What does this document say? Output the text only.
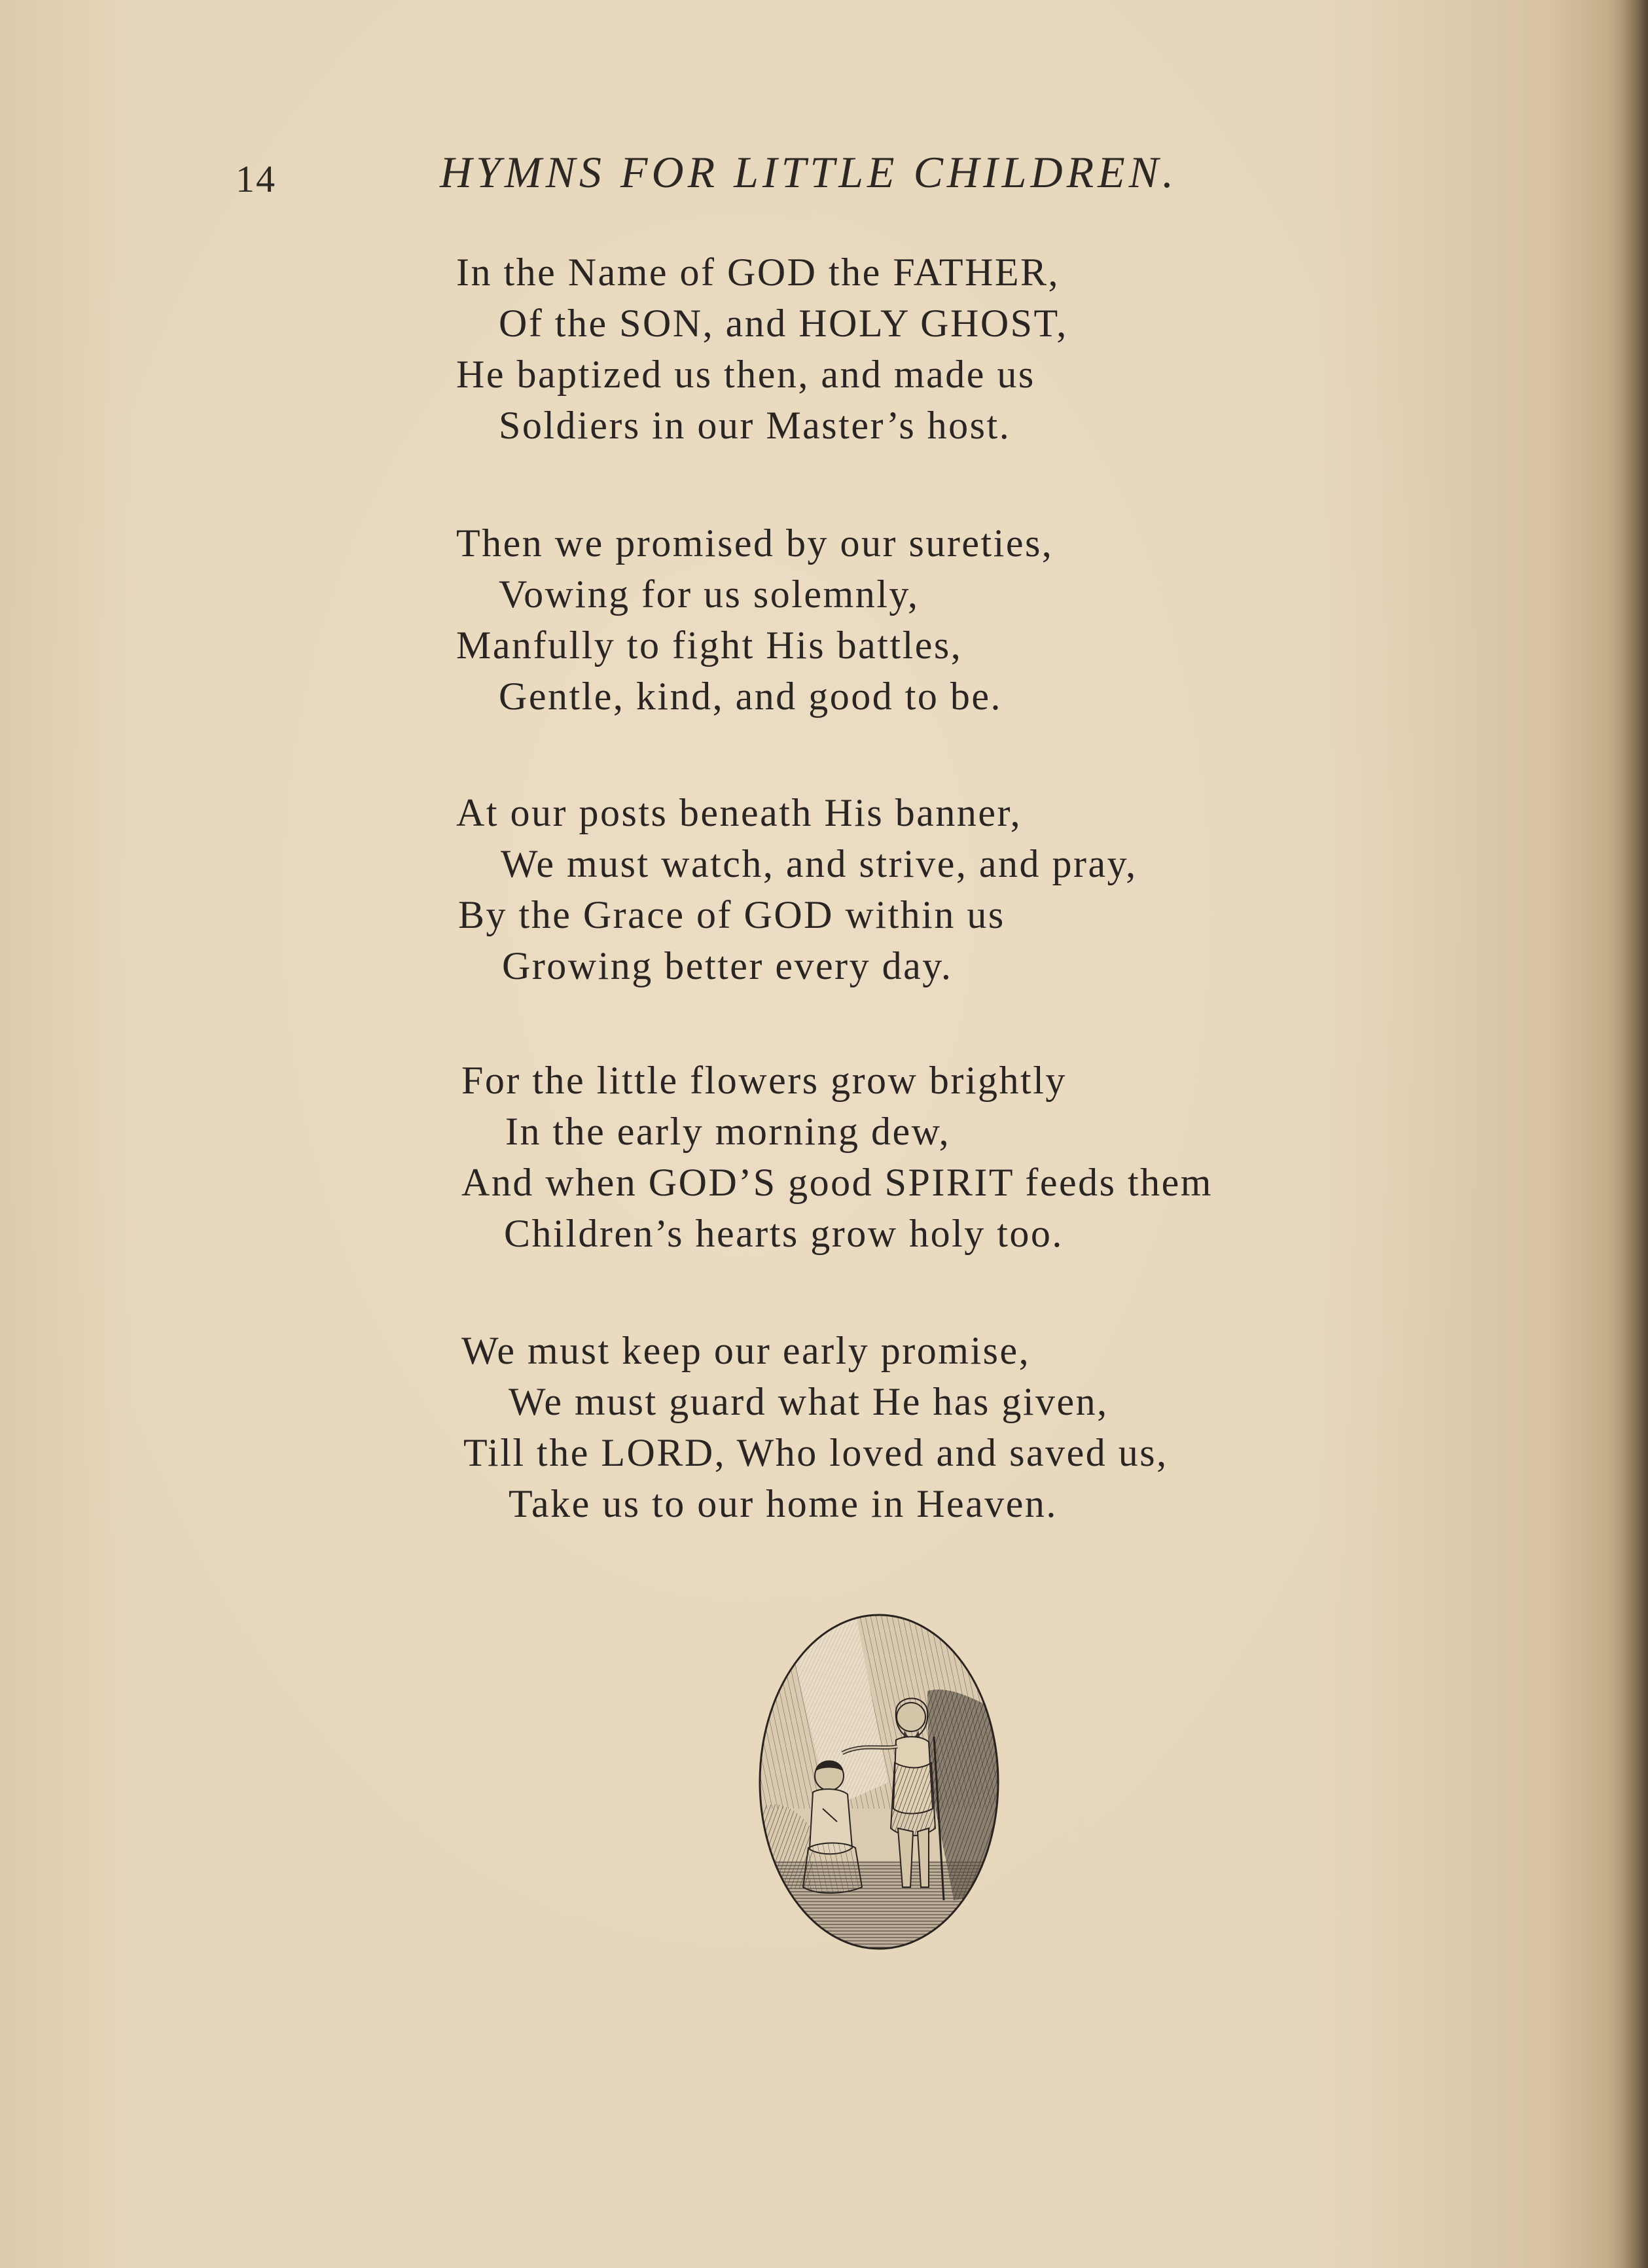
14	HYMNS FOR LITTLE CHILDREN.
In the Name of GOD the FATHER,
Of the SON, and HOLY GHOST,
He baptized us then, and made us
Soldiers in our Master’s host.
Then we promised by our sureties,
Vowing for us solemnly,
Manfully to fight His battles,
Gentle, kind, and good to be.
At our posts beneath His banner,
We must watch, and strive, and pray,
By the Grace of GOD within us
Growing better every day.
For the little flowers grow brightly
In the early morning dew,
And when GOD’S good SPIRIT feeds them
Children’s hearts grow holy too.
We must keep our early promise,
We must guard what He has given,
Till the LORD, Who loved and saved us,
Take us to our home in Heaven.
